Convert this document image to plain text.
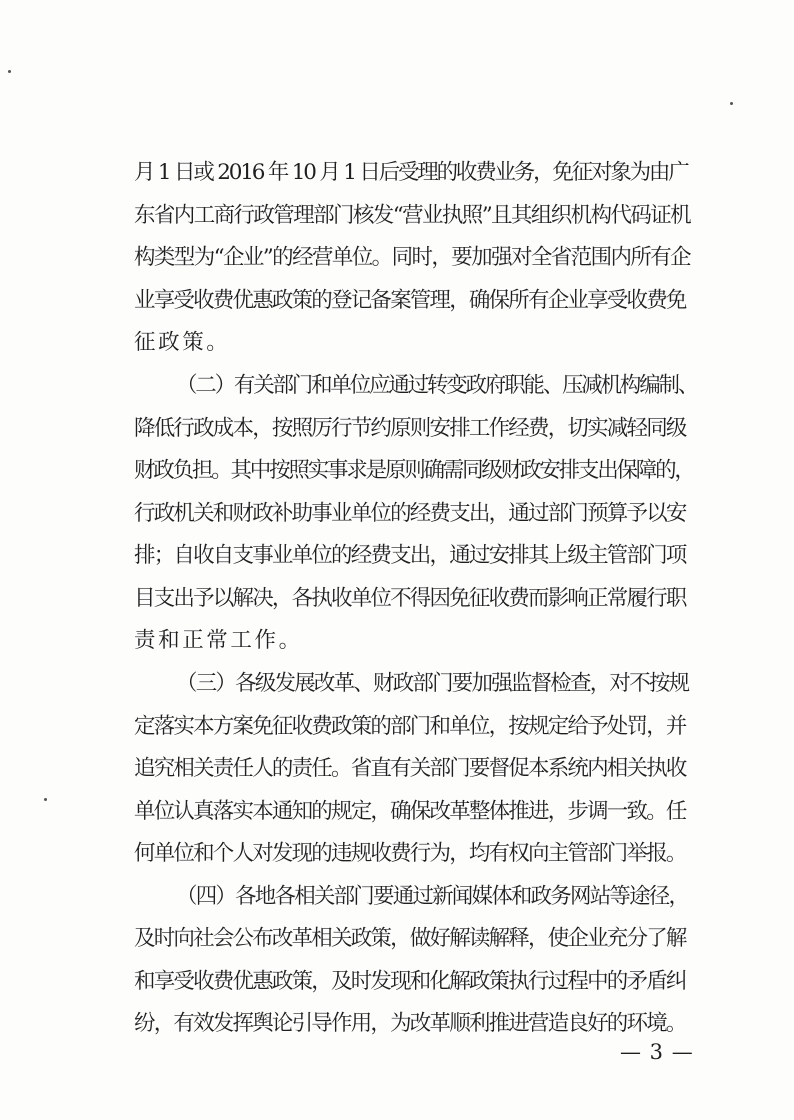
月 1 日或 2016 年 10 月 1 日后受理的收费业务，免征对象为由广
东省内工商行政管理部门核发“营业执照”且其组织机构代码证机
构类型为“企业”的经营单位。同时，要加强对全省范围内所有企
业享受收费优惠政策的登记备案管理，确保所有企业享受收费免
征政策。
（二）有关部门和单位应通过转变政府职能、压减机构编制、
降低行政成本，按照厉行节约原则安排工作经费，切实减轻同级
财政负担。其中按照实事求是原则确需同级财政安排支出保障的，
行政机关和财政补助事业单位的经费支出，通过部门预算予以安
排；自收自支事业单位的经费支出，通过安排其上级主管部门项
目支出予以解决，各执收单位不得因免征收费而影响正常履行职
责和正常工作。
（三）各级发展改革、财政部门要加强监督检查，对不按规
定落实本方案免征收费政策的部门和单位，按规定给予处罚，并
追究相关责任人的责任。省直有关部门要督促本系统内相关执收
单位认真落实本通知的规定，确保改革整体推进，步调一致。任
何单位和个人对发现的违规收费行为，均有权向主管部门举报。
（四）各地各相关部门要通过新闻媒体和政务网站等途径，
及时向社会公布改革相关政策，做好解读解释，使企业充分了解
和享受收费优惠政策，及时发现和化解政策执行过程中的矛盾纠
纷，有效发挥舆论引导作用，为改革顺利推进营造良好的环境。
— 3 —
